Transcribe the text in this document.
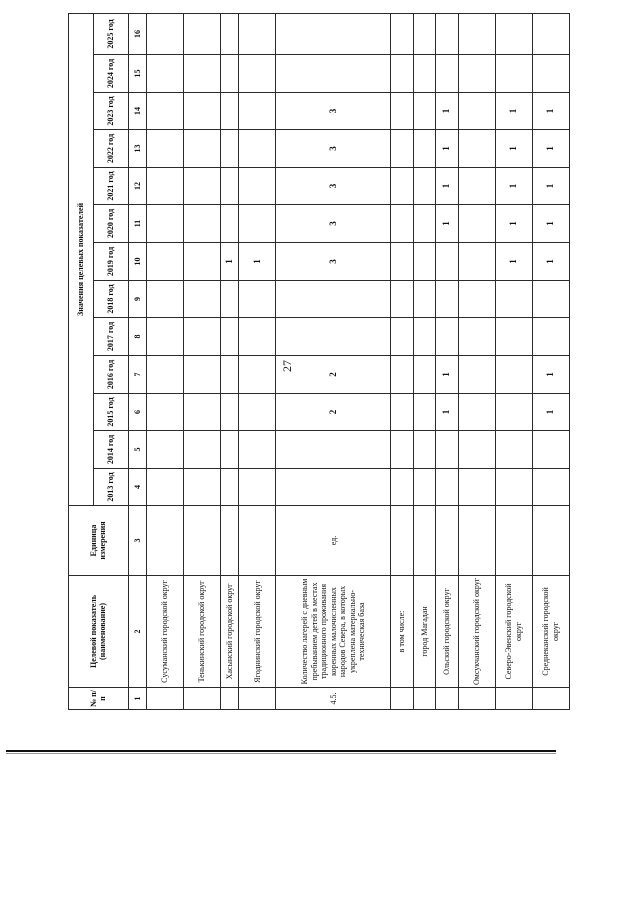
27
№ п/п	Целевой показатель (наименование)	Единица измерения	Значения целевых показателей												
			2013 год	2014 год	2015 год	2016 год	2017 год	2018 год	2019 год	2020 год	2021 год	2022 год	2023 год	2024 год	2025 год
1	2	3	4	5	6	7	8	9	10	11	12	13	14	15	16
	Сусуманский городской округ														
	Тенькинский городской округ														
	Хасынский городской округ								1						
	Ягоднинский городской округ								1						
4.5.	Количество лагерей с дневным пребыванием детей в местах традиционного проживания коренных малочисленных народов Севера, в которых укреплена материально-техническая база	ед.			2	2			3	3	3	3	3		
	в том числе:														
	город Магадан														
	Ольский городской округ				1	1				1	1	1	1		
	Омсукчанский городской округ														
	Северо-Эвенский городской округ								1	1	1	1	1		
	Среднеканский городской округ				1	1			1	1	1	1	1		
